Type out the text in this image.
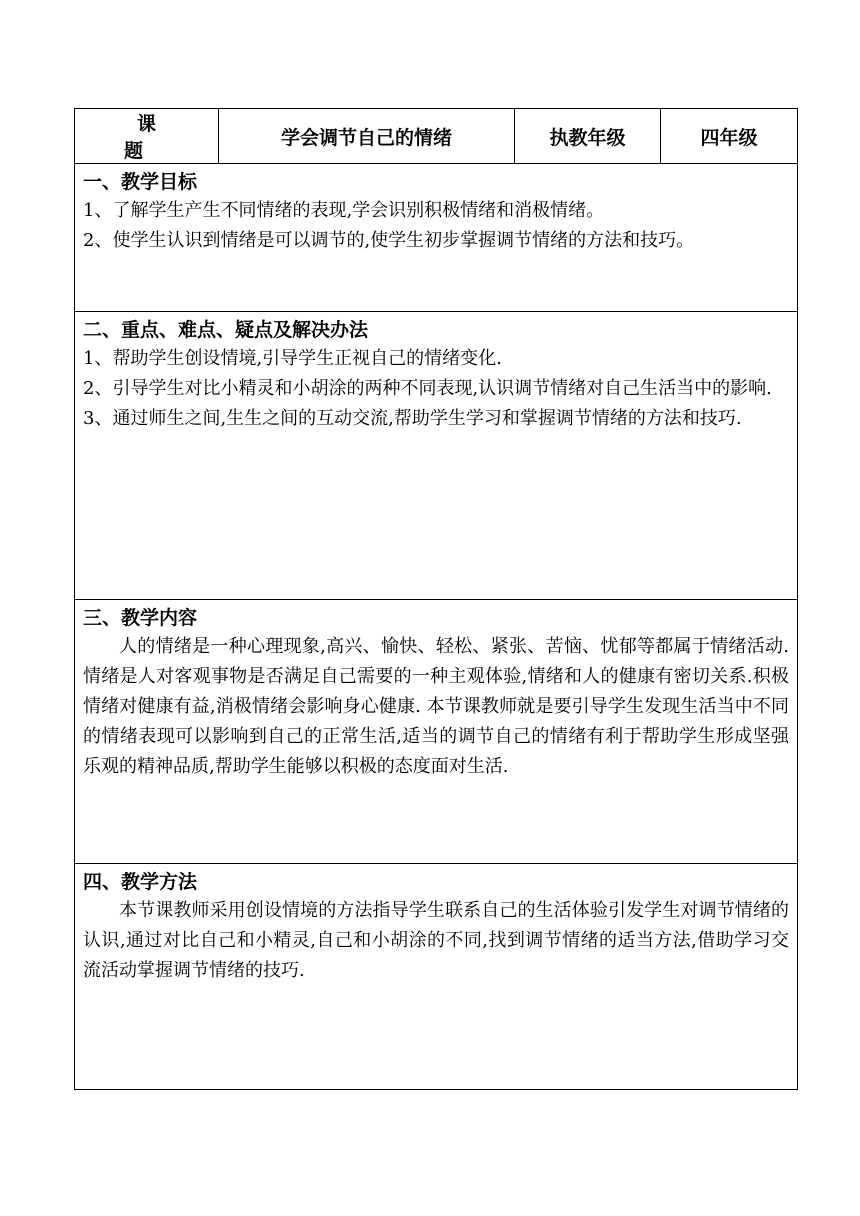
课　题	学会调节自己的情绪	执教年级	四年级

一、教学目标

1、了解学生产生不同情绪的表现,学会识别积极情绪和消极情绪。

2、使学生认识到情绪是可以调节的,使学生初步掌握调节情绪的方法和技巧。

二、重点、难点、疑点及解决办法

1、帮助学生创设情境,引导学生正视自己的情绪变化.

2、引导学生对比小精灵和小胡涂的两种不同表现,认识调节情绪对自己生活当中的影响.

3、通过师生之间,生生之间的互动交流,帮助学生学习和掌握调节情绪的方法和技巧.

三、教学内容

人的情绪是一种心理现象,高兴、愉快、轻松、紧张、苦恼、忧郁等都属于情绪活动.情绪是人对客观事物是否满足自己需要的一种主观体验,情绪和人的健康有密切关系.积极情绪对健康有益,消极情绪会影响身心健康. 本节课教师就是要引导学生发现生活当中不同的情绪表现可以影响到自己的正常生活,适当的调节自己的情绪有利于帮助学生形成坚强乐观的精神品质,帮助学生能够以积极的态度面对生活.

四、教学方法

本节课教师采用创设情境的方法指导学生联系自己的生活体验引发学生对调节情绪的认识,通过对比自己和小精灵,自己和小胡涂的不同,找到调节情绪的适当方法,借助学习交流活动掌握调节情绪的技巧.
